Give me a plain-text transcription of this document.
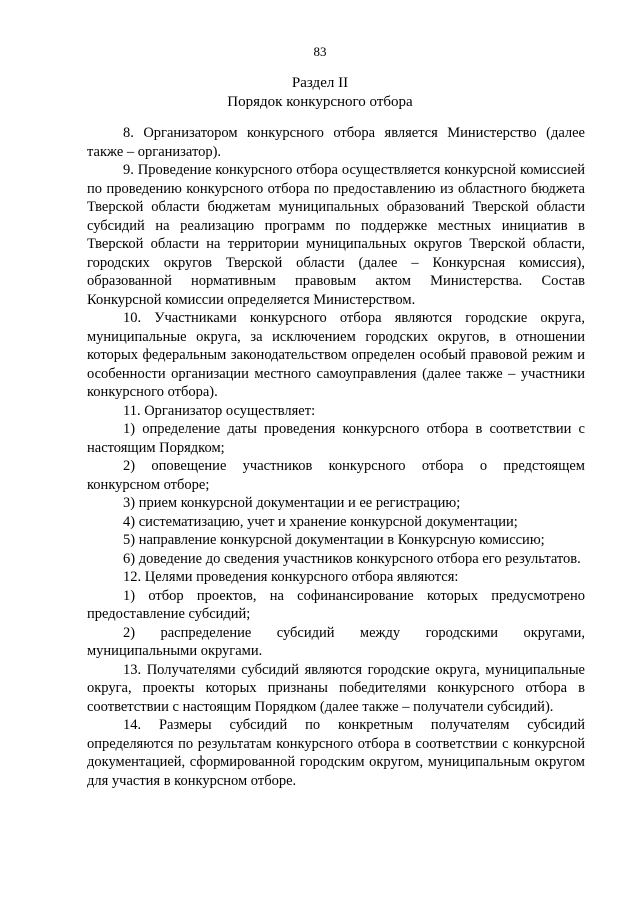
83
Раздел II
Порядок конкурсного отбора

8. Организатором конкурсного отбора является Министерство (далее также – организатор).

9. Проведение конкурсного отбора осуществляется конкурсной комиссией по проведению конкурсного отбора по предоставлению из областного бюджета Тверской области бюджетам муниципальных образований Тверской области субсидий на реализацию программ по поддержке местных инициатив в Тверской области на территории муниципальных округов Тверской области, городских округов Тверской области (далее – Конкурсная комиссия), образованной нормативным правовым актом Министерства. Состав Конкурсной комиссии определяется Министерством.

10. Участниками конкурсного отбора являются городские округа, муниципальные округа, за исключением городских округов, в отношении которых федеральным законодательством определен особый правовой режим и особенности организации местного самоуправления (далее также – участники конкурсного отбора).

11. Организатор осуществляет:

1) определение даты проведения конкурсного отбора в соответствии с настоящим Порядком;

2) оповещение участников конкурсного отбора о предстоящем конкурсном отборе;

3) прием конкурсной документации и ее регистрацию;

4) систематизацию, учет и хранение конкурсной документации;

5) направление конкурсной документации в Конкурсную комиссию;

6) доведение до сведения участников конкурсного отбора его результатов.

12. Целями проведения конкурсного отбора являются:

1) отбор проектов, на софинансирование которых предусмотрено предоставление субсидий;

2) распределение субсидий между городскими округами, муниципальными округами.

13. Получателями субсидий являются городские округа, муниципальные округа, проекты которых признаны победителями конкурсного отбора в соответствии с настоящим Порядком (далее также – получатели субсидий).

14. Размеры субсидий по конкретным получателям субсидий определяются по результатам конкурсного отбора в соответствии с конкурсной документацией, сформированной городским округом, муниципальным округом для участия в конкурсном отборе.
